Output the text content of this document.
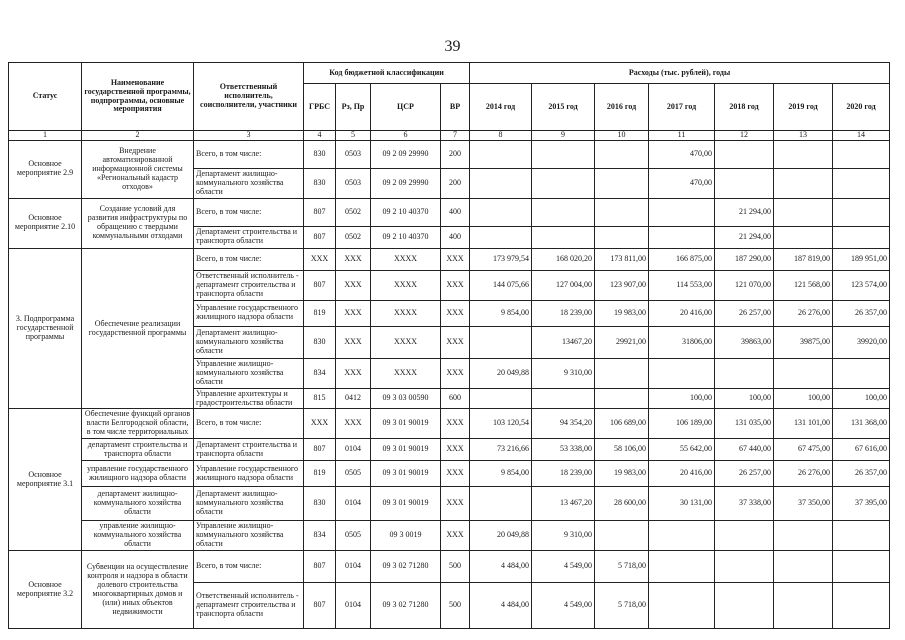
39
Статус	Наименование государственной программы, подпрограммы, основные мероприятия	Ответственный исполнитель, соисполнители, участники	Код бюджетной классификации				Расходы (тыс. рублей), годы						
			ГРБС	Рз, Пр	ЦСР	ВР	2014 год	2015 год	2016 год	2017 год	2018 год	2019 год	2020 год
1	2	3	4	5	6	7	8	9	10	11	12	13	14
Основное мероприятие 2.9	Внедрение автоматизированной информационной системы «Региональный кадастр отходов»	Всего, в том числе:	830	0503	09 2 09 29990	200				470,00			
		Департамент жилищно-коммунального хозяйства области	830	0503	09 2 09 29990	200				470,00			
Основное мероприятие 2.10	Создание условий для развития инфраструктуры по обращению с твердыми коммунальными отходами	Всего, в том числе:	807	0502	09 2 10 40370	400					21 294,00		
		Департамент строительства и транспорта области	807	0502	09 2 10 40370	400					21 294,00		
3. Подпрограмма государственной программы	Обеспечение реализации государственной программы	Всего, в том числе:	XXX	XXX	XXXX	XXX	173 979,54	168 020,20	173 811,00	166 875,00	187 290,00	187 819,00	189 951,00
		Ответственный исполнитель - департамент строительства и транспорта области	807	XXX	XXXX	XXX	144 075,66	127 004,00	123 907,00	114 553,00	121 070,00	121 568,00	123 574,00
		Управление государственного жилищного надзора области	819	XXX	XXXX	XXX	9 854,00	18 239,00	19 983,00	20 416,00	26 257,00	26 276,00	26 357,00
		Департамент жилищно-коммунального хозяйства области	830	XXX	XXXX	XXX		13467,20	29921,00	31806,00	39863,00	39875,00	39920,00
		Управление жилищно-коммунального хозяйства области	834	XXX	XXXX	XXX	20 049,88	9 310,00					
		Управление архитектуры и градостроительства области	815	0412	09 3 03 00590	600				100,00	100,00	100,00	100,00
Основное мероприятие 3.1	Обеспечение функций органов власти Белгородской области, в том числе территориальных	Всего, в том числе:	XXX	XXX	09 3 01 90019	XXX	103 120,54	94 354,20	106 689,00	106 189,00	131 035,00	131 101,00	131 368,00
	департамент строительства и транспорта области	Департамент строительства и транспорта области	807	0104	09 3 01 90019	XXX	73 216,66	53 338,00	58 106,00	55 642,00	67 440,00	67 475,00	67 616,00
	управление государственного жилищного надзора области	Управление государственного жилищного надзора области	819	0505	09 3 01 90019	XXX	9 854,00	18 239,00	19 983,00	20 416,00	26 257,00	26 276,00	26 357,00
	департамент жилищно-коммунального хозяйства области	Департамент жилищно-коммунального хозяйства области	830	0104	09 3 01 90019	XXX		13 467,20	28 600,00	30 131,00	37 338,00	37 350,00	37 395,00
	управление жилищно-коммунального хозяйства области	Управление жилищно-коммунального хозяйства области	834	0505	09 3 0019	XXX	20 049,88	9 310,00					
Основное мероприятие 3.2	Субвенции на осуществление контроля и надзора в области долевого строительства многоквартирных домов и (или) иных объектов недвижимости	Всего, в том числе:	807	0104	09 3 02 71280	500	4 484,00	4 549,00	5 718,00				
		Ответственный исполнитель - департамент строительства и транспорта области	807	0104	09 3 02 71280	500	4 484,00	4 549,00	5 718,00				
